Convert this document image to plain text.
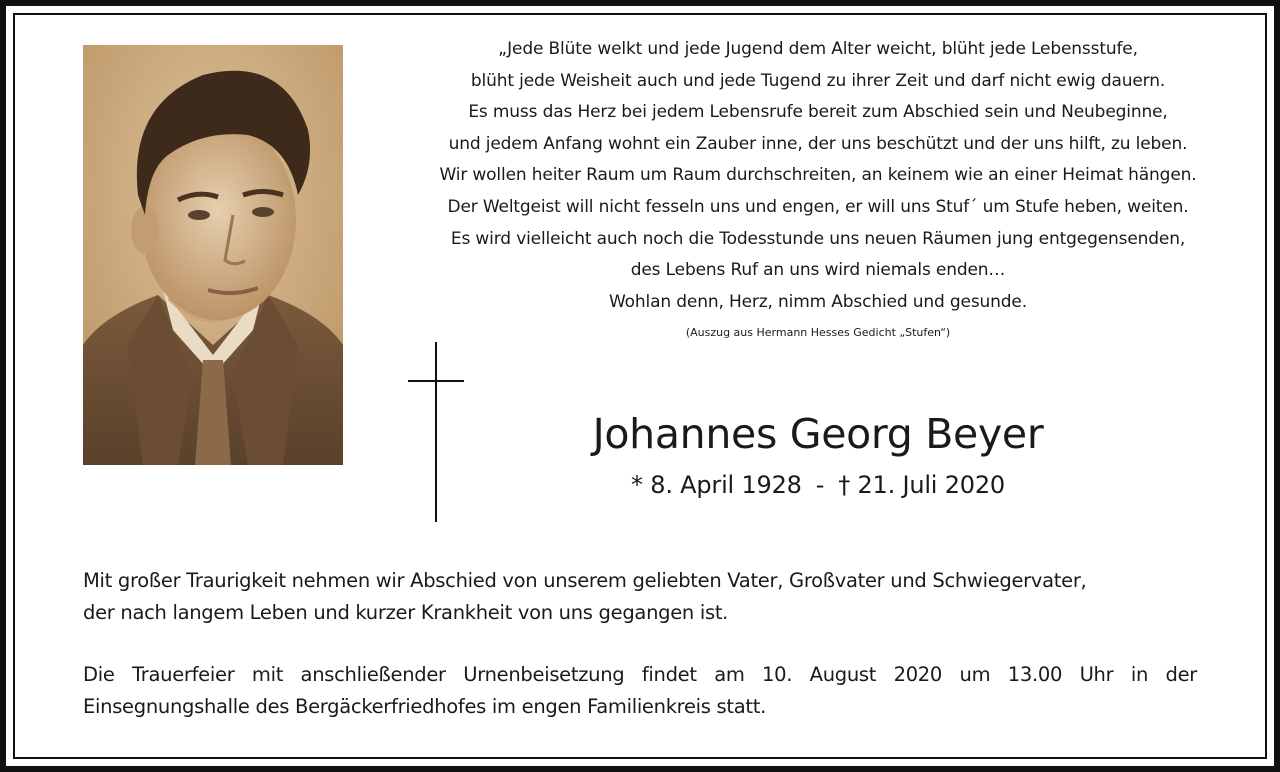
„Jede Blüte welkt und jede Jugend dem Alter weicht, blüht jede Lebensstufe,
blüht jede Weisheit auch und jede Tugend zu ihrer Zeit und darf nicht ewig dauern.
Es muss das Herz bei jedem Lebensrufe bereit zum Abschied sein und Neubeginne,
und jedem Anfang wohnt ein Zauber inne, der uns beschützt und der uns hilft, zu leben.
Wir wollen heiter Raum um Raum durchschreiten, an keinem wie an einer Heimat hängen.
Der Weltgeist will nicht fesseln uns und engen, er will uns Stuf´ um Stufe heben, weiten.
Es wird vielleicht auch noch die Todesstunde uns neuen Räumen jung entgegensenden,
des Lebens Ruf an uns wird niemals enden…
Wohlan denn, Herz, nimm Abschied und gesunde.
(Auszug aus Hermann Hesses Gedicht „Stufen“)
Johannes Georg Beyer
* 8. April 1928 - † 21. Juli 2020
Mit großer Traurigkeit nehmen wir Abschied von unserem geliebten Vater, Großvater und Schwiegervater,
der nach langem Leben und kurzer Krankheit von uns gegangen ist.
Die Trauerfeier mit anschließender Urnenbeisetzung findet am 10. August 2020 um 13.00 Uhr in der
Einsegnungshalle des Bergäckerfriedhofes im engen Familienkreis statt.
